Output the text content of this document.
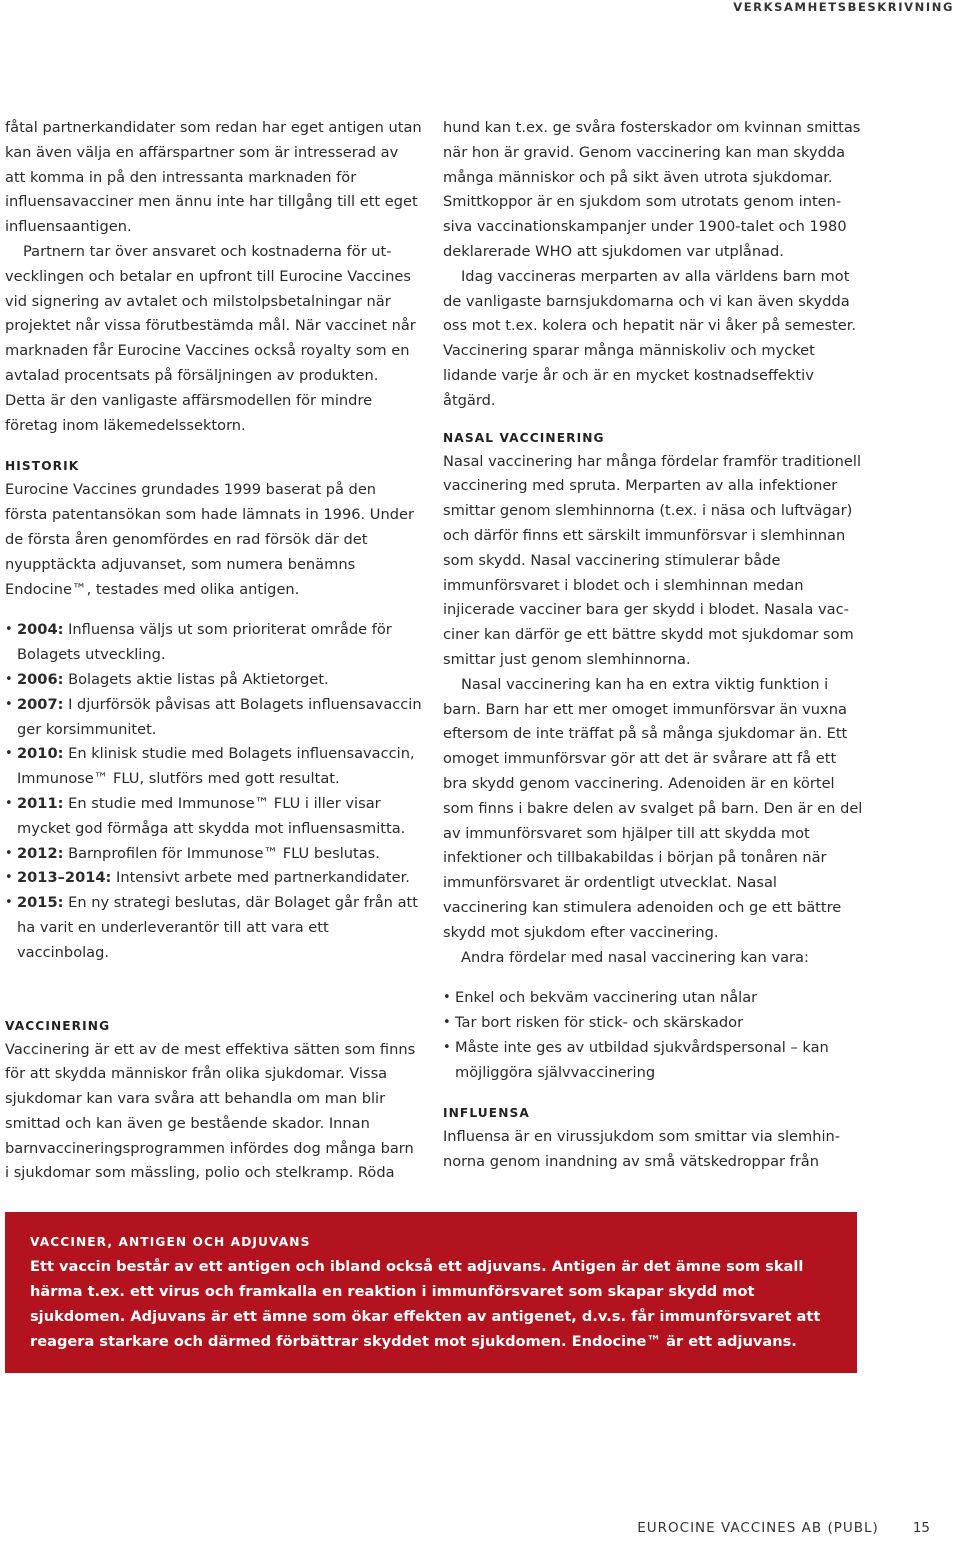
VERKSAMHETSBESKRIVNING

fåtal partnerkandidater som redan har eget antigen utan kan även välja en affärspartner som är intresserad av att komma in på den intressanta marknaden för influensavacciner men ännu inte har tillgång till ett eget influensaantigen.

Partnern tar över ansvaret och kostnaderna för utvecklingen och betalar en upfront till Eurocine Vaccines vid signering av avtalet och milstolpsbetalningar när projektet når vissa förutbestämda mål. När vaccinet når marknaden får Eurocine Vaccines också royalty som en avtalad procentsats på försäljningen av produkten. Detta är den vanligaste affärsmodellen för mindre företag inom läkemedelssektorn.

HISTORIK

Eurocine Vaccines grundades 1999 baserat på den första patentansökan som hade lämnats in 1996. Under de första åren genomfördes en rad försök där det nyupptäckta adjuvanset, som numera benämns Endocine™, testades med olika antigen.

• 2004: Influensa väljs ut som prioriterat område för Bolagets utveckling.
• 2006: Bolagets aktie listas på Aktietorget.
• 2007: I djurförsök påvisas att Bolagets influensavaccin ger korsimmunitet.
• 2010: En klinisk studie med Bolagets influensavaccin, Immunose™ FLU, slutförs med gott resultat.
• 2011: En studie med Immunose™ FLU i iller visar mycket god förmåga att skydda mot influensasmitta.
• 2012: Barnprofilen för Immunose™ FLU beslutas.
• 2013–2014: Intensivt arbete med partnerkandidater.
• 2015: En ny strategi beslutas, där Bolaget går från att ha varit en underleverantör till att vara ett vaccinbolag.
VACCINERING

Vaccinering är ett av de mest effektiva sätten som finns för att skydda människor från olika sjukdomar. Vissa sjukdomar kan vara svåra att behandla om man blir smittad och kan även ge bestående skador. Innan barnvaccineringsprogrammen infördes dog många barn i sjukdomar som mässling, polio och stelkramp. Röda

hund kan t.ex. ge svåra fosterskador om kvinnan smittas när hon är gravid. Genom vaccinering kan man skydda många människor och på sikt även utrota sjukdomar. Smittkoppor är en sjukdom som utrotats genom intensiva vaccinationskampanjer under 1900-talet och 1980 deklarerade WHO att sjukdomen var utplånad.

Idag vaccineras merparten av alla världens barn mot de vanligaste barnsjukdomarna och vi kan även skydda oss mot t.ex. kolera och hepatit när vi åker på semester. Vaccinering sparar många människoliv och mycket lidande varje år och är en mycket kostnadseffektiv åtgärd.

NASAL VACCINERING

Nasal vaccinering har många fördelar framför traditionell vaccinering med spruta. Merparten av alla infektioner smittar genom slemhinnorna (t.ex. i näsa och luftvägar) och därför finns ett särskilt immunförsvar i slemhinnan som skydd. Nasal vaccinering stimulerar både immunförsvaret i blodet och i slemhinnan medan injicerade vacciner bara ger skydd i blodet. Nasala vacciner kan därför ge ett bättre skydd mot sjukdomar som smittar just genom slemhinnorna.

Nasal vaccinering kan ha en extra viktig funktion i barn. Barn har ett mer omoget immunförsvar än vuxna eftersom de inte träffat på så många sjukdomar än. Ett omoget immunförsvar gör att det är svårare att få ett bra skydd genom vaccinering. Adenoiden är en körtel som finns i bakre delen av svalget på barn. Den är en del av immunförsvaret som hjälper till att skydda mot infektioner och tillbakabildas i början på tonåren när immunförsvaret är ordentligt utvecklat. Nasal vaccinering kan stimulera adenoiden och ge ett bättre skydd mot sjukdom efter vaccinering.

Andra fördelar med nasal vaccinering kan vara:

• Enkel och bekväm vaccinering utan nålar
• Tar bort risken för stick- och skärskador
• Måste inte ges av utbildad sjukvårdspersonal – kan möjliggöra självvaccinering
INFLUENSA

Influensa är en virussjukdom som smittar via slemhinnorna genom inandning av små vätskedroppar från

VACCINER, ANTIGEN OCH ADJUVANS

Ett vaccin består av ett antigen och ibland också ett adjuvans. Antigen är det ämne som skall härma t.ex. ett virus och framkalla en reaktion i immunförsvaret som skapar skydd mot sjukdomen. Adjuvans är ett ämne som ökar effekten av antigenet, d.v.s. får immunförsvaret att reagera starkare och därmed förbättrar skyddet mot sjukdomen. Endocine™ är ett adjuvans.

EUROCINE VACCINES AB (PUBL)	15
